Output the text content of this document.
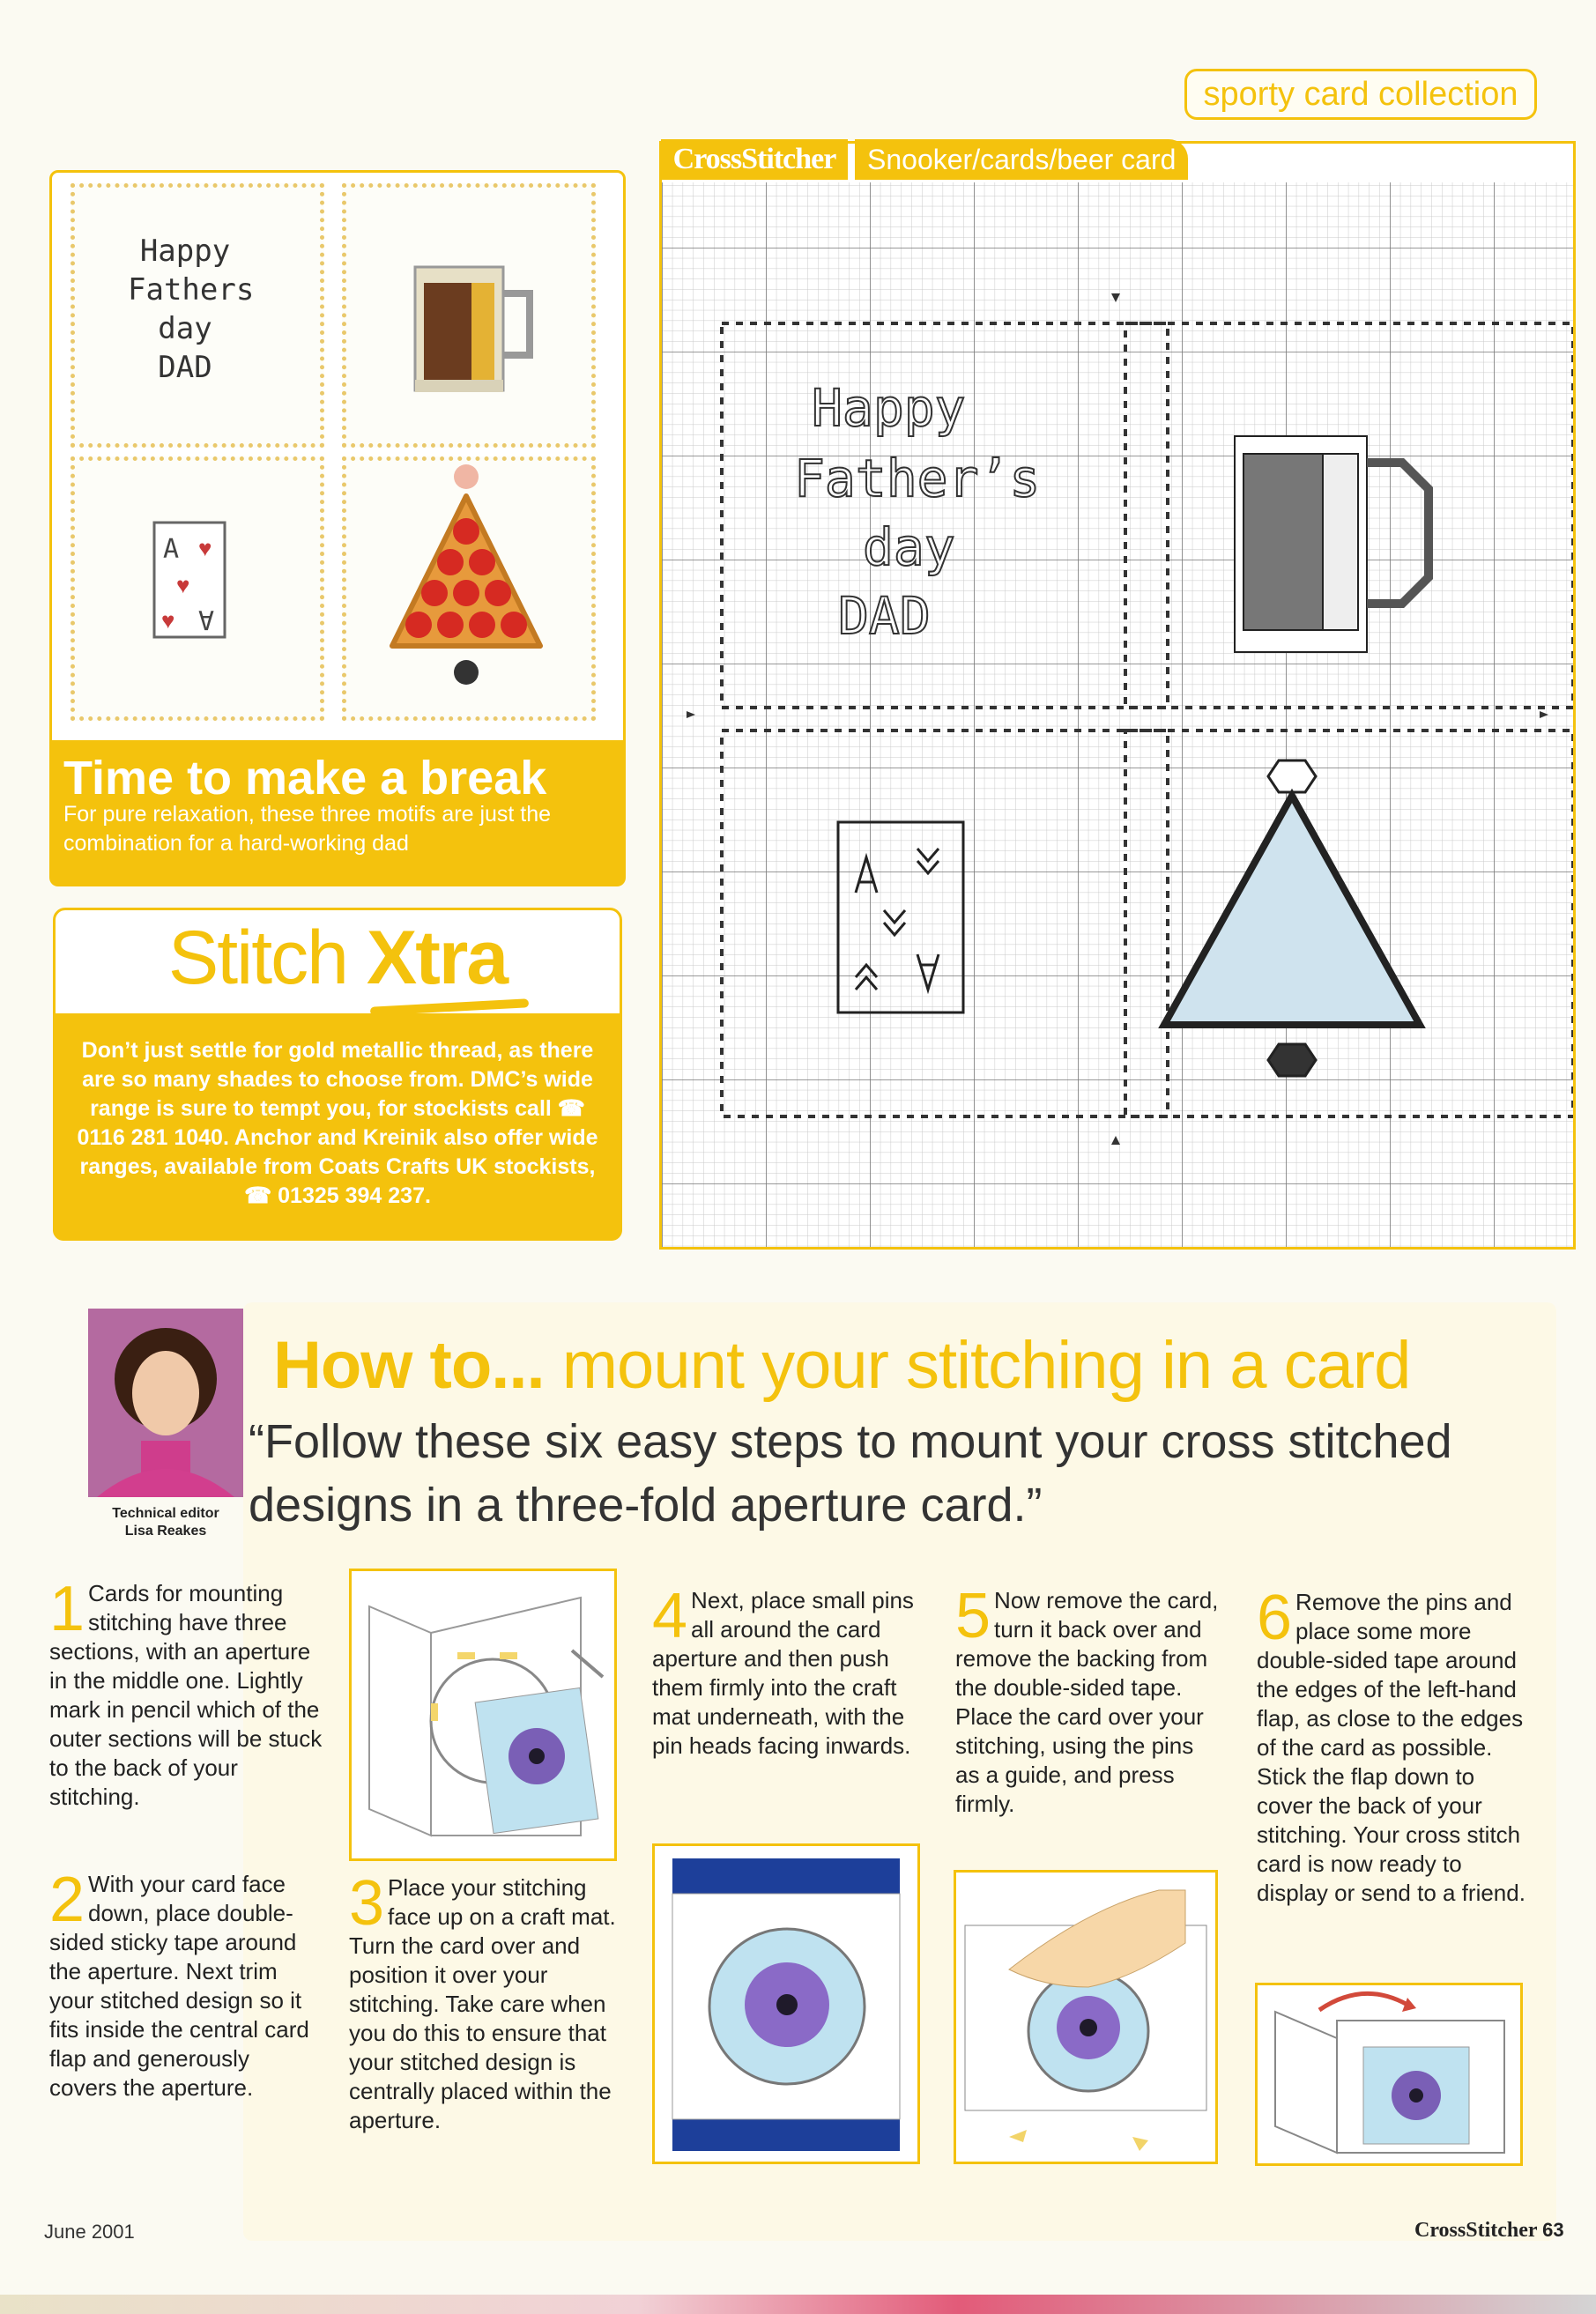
sporty card collection
Happy
Fathers
day
DAD
A ♥
♥
♥ ∀
Time to make a break
For pure relaxation, these three motifs are just the combination for a hard-working dad
Stitch Xtra
Don’t just settle for gold metallic thread, as there are so many shades to choose from. DMC’s wide range is sure to tempt you, for stockists call ☎ 0116 281 1040. Anchor and Kreinik also offer wide ranges, available from Coats Crafts UK stockists, ☎ 01325 394 237.
Happy
Father’s
day
DAD
CrossStitcher	Snooker/cards/beer card
Technical editor
Lisa Reakes
How to... mount your stitching in a card
“Follow these six easy steps to mount your cross stitched designs in a three-fold aperture card.”
1 Cards for mounting stitching have three sections, with an aperture in the middle one. Lightly mark in pencil which of the outer sections will be stuck to the back of your stitching.
2 With your card face down, place double-sided sticky tape around the aperture. Next trim your stitched design so it fits inside the central card flap and generously covers the aperture.
3 Place your stitching face up on a craft mat. Turn the card over and position it over your stitching. Take care when you do this to ensure that your stitched design is centrally placed within the aperture.
4 Next, place small pins all around the card aperture and then push them firmly into the craft mat underneath, with the pin heads facing inwards.
5 Now remove the card, turn it back over and remove the backing from the double-sided tape. Place the card over your stitching, using the pins as a guide, and press firmly.
6 Remove the pins and place some more double-sided tape around the edges of the left-hand flap, as close to the edges of the card as possible. Stick the flap down to cover the back of your stitching. Your cross stitch card is now ready to display or send to a friend.
June 2001	CrossStitcher 63
